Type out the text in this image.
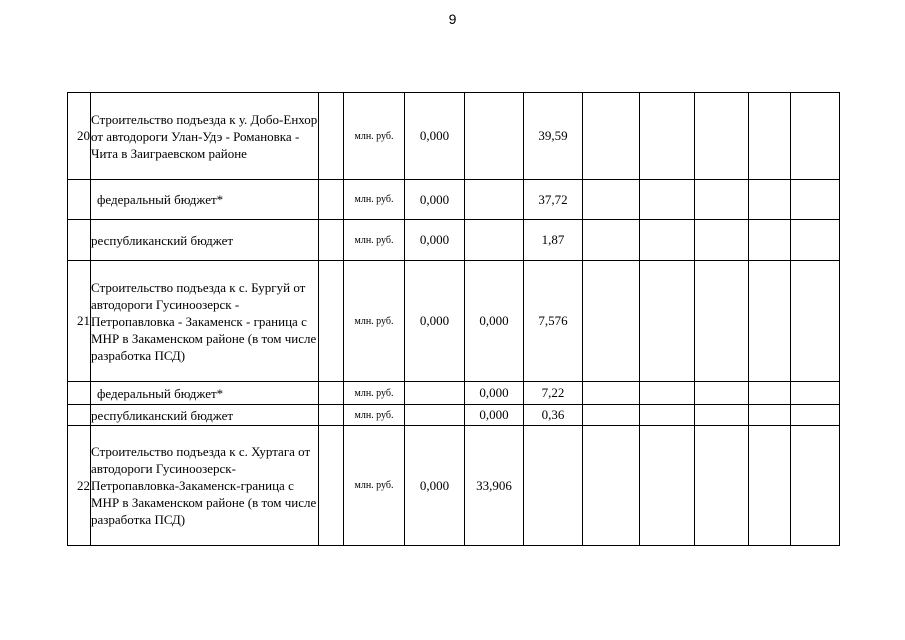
9
20	Строительство подъезда к у. Добо-Енхор от автодороги Улан-Удэ - Романовка - Чита в Заиграевском районе		млн. руб.	0,000		39,59					
	федеральный бюджет*		млн. руб.	0,000		37,72					
	республиканский бюджет		млн. руб.	0,000		1,87					
21	Строительство подъезда к с. Бургуй от автодороги Гусиноозерск - Петропавловка - Закаменск - граница с МНР в Закаменском районе (в том числе разработка ПСД)		млн. руб.	0,000	0,000	7,576					
	федеральный бюджет*		млн. руб.		0,000	7,22					
	республиканский бюджет		млн. руб.		0,000	0,36					
22	Строительство подъезда к с. Хуртага от автодороги Гусиноозерск-Петропавловка-Закаменск-граница с МНР в Закаменском районе (в том числе разработка ПСД)		млн. руб.	0,000	33,906						
